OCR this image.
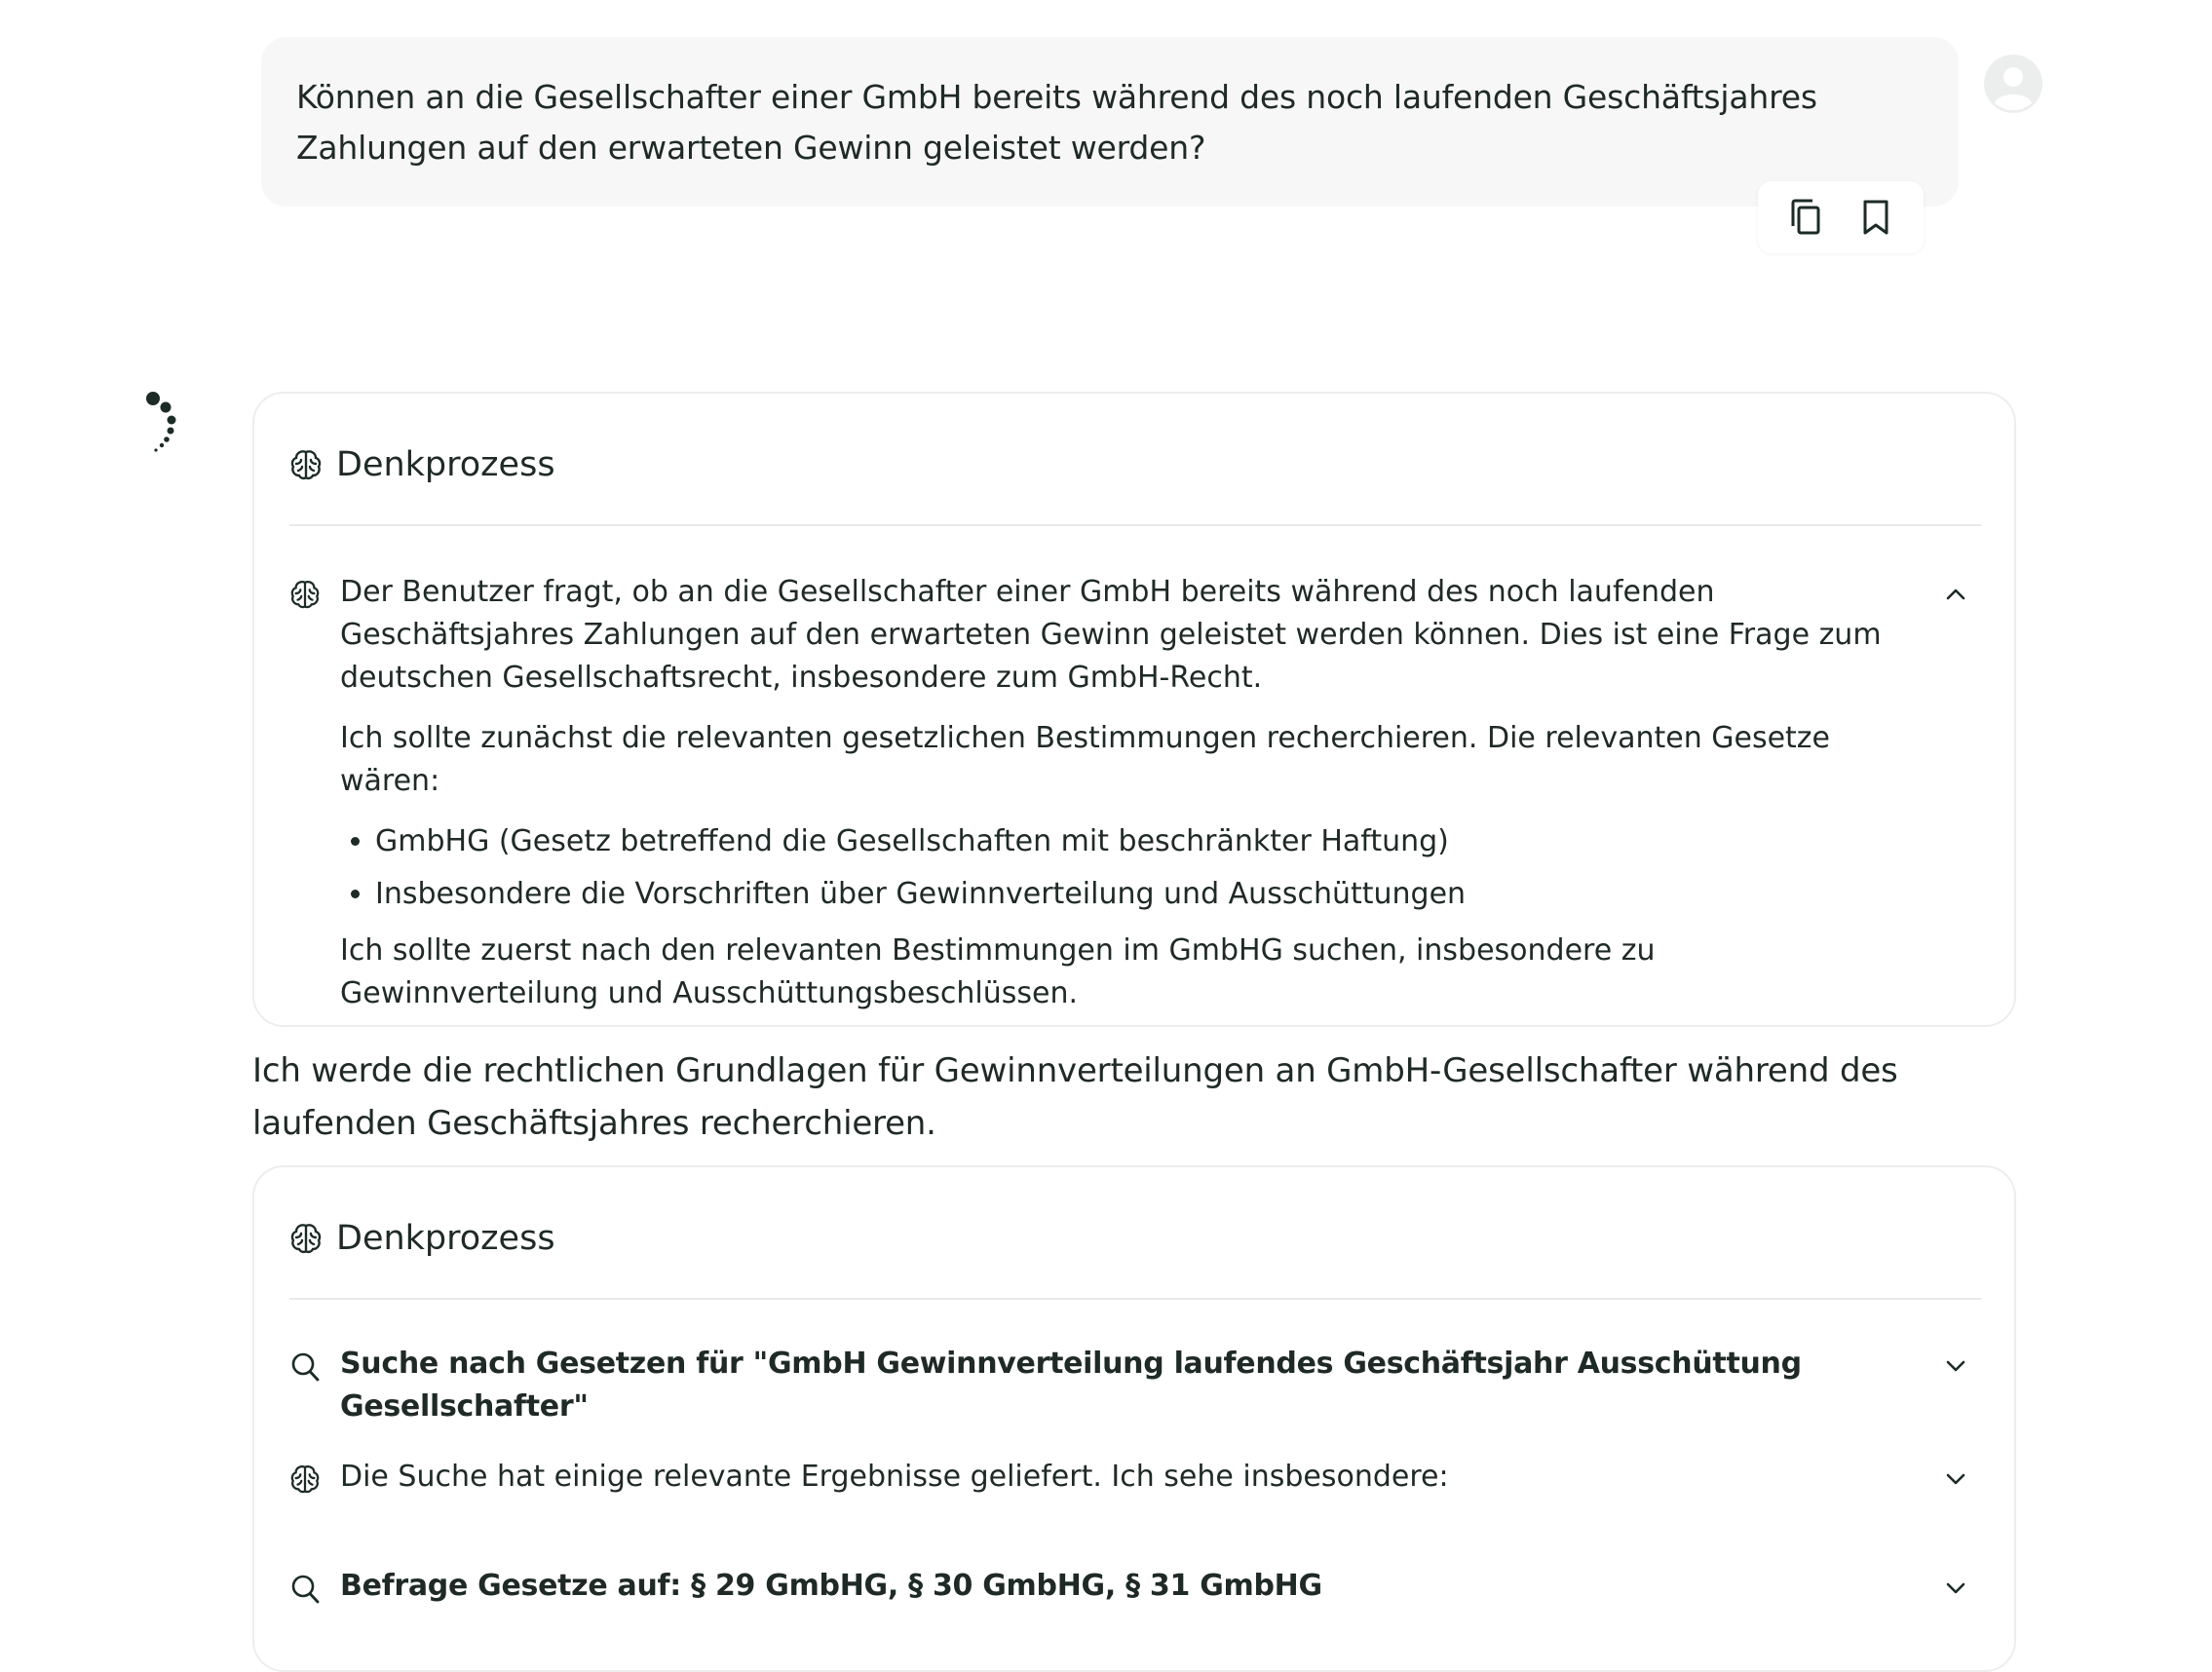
Können an die Gesellschafter einer GmbH bereits während des noch laufenden Geschäftsjahres Zahlungen auf den erwarteten Gewinn geleistet werden?
Denkprozess

Der Benutzer fragt, ob an die Gesellschafter einer GmbH bereits während des noch laufenden Geschäftsjahres Zahlungen auf den erwarteten Gewinn geleistet werden können. Dies ist eine Frage zum deutschen Gesellschaftsrecht, insbesondere zum GmbH-Recht.

Ich sollte zunächst die relevanten gesetzlichen Bestimmungen recherchieren. Die relevanten Gesetze wären:

• GmbHG (Gesetz betreffend die Gesellschaften mit beschränkter Haftung)
• Insbesondere die Vorschriften über Gewinnverteilung und Ausschüttungen

Ich sollte zuerst nach den relevanten Bestimmungen im GmbHG suchen, insbesondere zu Gewinnverteilung und Ausschüttungsbeschlüssen.

Ich werde die rechtlichen Grundlagen für Gewinnverteilungen an GmbH-Gesellschafter während des laufenden Geschäftsjahres recherchieren.
Denkprozess
Suche nach Gesetzen für "GmbH Gewinnverteilung laufendes Geschäftsjahr Ausschüttung Gesellschafter"
Die Suche hat einige relevante Ergebnisse geliefert. Ich sehe insbesondere:
Befrage Gesetze auf: § 29 GmbHG, § 30 GmbHG, § 31 GmbHG
